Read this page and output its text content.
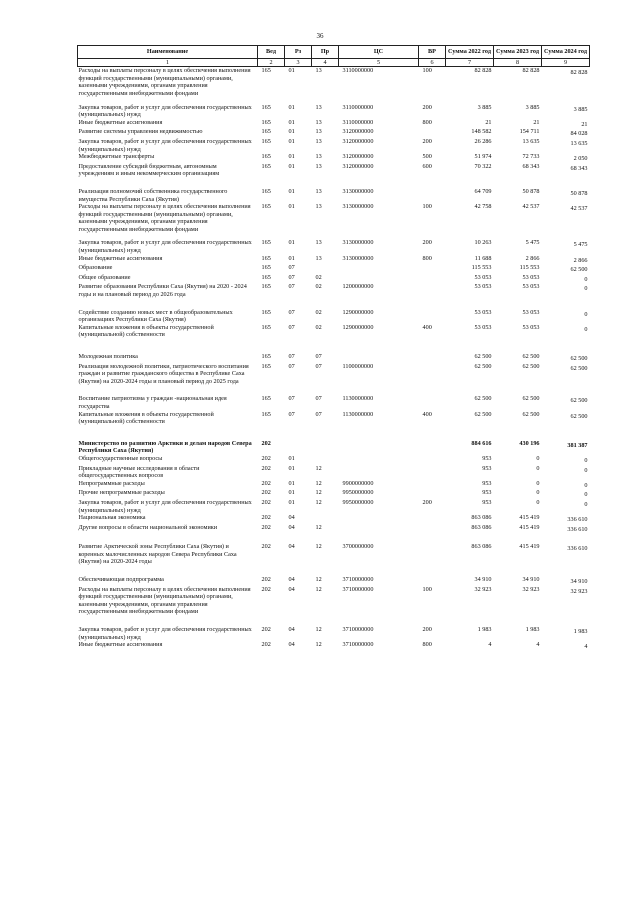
36
Наименование	Вед	Рз	Пр	ЦС	ВР	Сумма 2022 год	Сумма 2023 год	Сумма 2024 год
1	2	3	4	5	6	7	8	9
Расходы на выплаты персоналу в целях обеспечения выполнения функций государственными (муниципальными) органами, казенными учреждениями, органами управления государственными внебюджетными фондами	165	01	13	3110000000	100	82 828	82 828	82 828
Закупка товаров, работ и услуг для обеспечения государственных (муниципальных) нужд	165	01	13	3110000000	200	3 885	3 885	3 885
Иные бюджетные ассигнования	165	01	13	3110000000	800	21	21	21
Развитие системы управления недвижимостью	165	01	13	3120000000		148 582	154 711	84 028
Закупка товаров, работ и услуг для обеспечения государственных (муниципальных) нужд	165	01	13	3120000000	200	26 286	13 635	13 635
Межбюджетные трансферты	165	01	13	3120000000	500	51 974	72 733	2 050
Предоставление субсидий бюджетным, автономным учреждениям и иным некоммерческим организациям	165	01	13	3120000000	600	70 322	68 343	68 343
Реализация полномочий собственника государственного имущества Республики Саха (Якутия)	165	01	13	3130000000		64 709	50 878	50 878
Расходы на выплаты персоналу в целях обеспечения выполнения функций государственными (муниципальными) органами, казенными учреждениями, органами управления государственными внебюджетными фондами	165	01	13	3130000000	100	42 758	42 537	42 537
Закупка товаров, работ и услуг для обеспечения государственных (муниципальных) нужд	165	01	13	3130000000	200	10 263	5 475	5 475
Иные бюджетные ассигнования	165	01	13	3130000000	800	11 688	2 866	2 866
Образование	165	07				115 553	115 553	62 500
Общее образование	165	07	02			53 053	53 053	0
Развитие образования Республики Саха (Якутия) на 2020 - 2024 годы и на плановый период до 2026 года	165	07	02	1200000000		53 053	53 053	0
Содействие созданию новых мест в общеобразовательных организациях Республики Саха (Якутия)	165	07	02	1290000000		53 053	53 053	0
Капитальные вложения в объекты государственной (муниципальной) собственности	165	07	02	1290000000	400	53 053	53 053	0
Молодежная политика	165	07	07			62 500	62 500	62 500
Реализация молодежной политики, патриотического воспитания граждан и развитие гражданского общества в Республике Саха (Якутия) на 2020-2024 годы и плановый период до 2025 года	165	07	07	1100000000		62 500	62 500	62 500
Воспитание патриотизма у граждан -национальная идея государства	165	07	07	1130000000		62 500	62 500	62 500
Капитальные вложения в объекты государственной (муниципальной) собственности	165	07	07	1130000000	400	62 500	62 500	62 500
Министерство по развитию Арктики и делам народов Севера Республики Саха (Якутия)	202					884 616	430 196	381 387
Общегосударственные вопросы	202	01				953	0	0
Прикладные научные исследования в области общегосударственных вопросов	202	01	12			953	0	0
Непрограммные расходы	202	01	12	9900000000		953	0	0
Прочие непрограммные расходы	202	01	12	9950000000		953	0	0
Закупка товаров, работ и услуг для обеспечения государственных (муниципальных) нужд	202	01	12	9950000000	200	953	0	0
Национальная экономика	202	04				863 086	415 419	336 610
Другие вопросы в области национальной экономики	202	04	12			863 086	415 419	336 610
Развитие Арктической зоны Республики Саха (Якутия) и коренных малочисленных народов Севера Республики Саха (Якутия) на 2020-2024 годы	202	04	12	3700000000		863 086	415 419	336 610
Обеспечивающая подпрограмма	202	04	12	3710000000		34 910	34 910	34 910
Расходы на выплаты персоналу в целях обеспечения выполнения функций государственными (муниципальными) органами, казенными учреждениями, органами управления государственными внебюджетными фондами	202	04	12	3710000000	100	32 923	32 923	32 923
Закупка товаров, работ и услуг для обеспечения государственных (муниципальных) нужд	202	04	12	3710000000	200	1 983	1 983	1 983
Иные бюджетные ассигнования	202	04	12	3710000000	800	4	4	4
